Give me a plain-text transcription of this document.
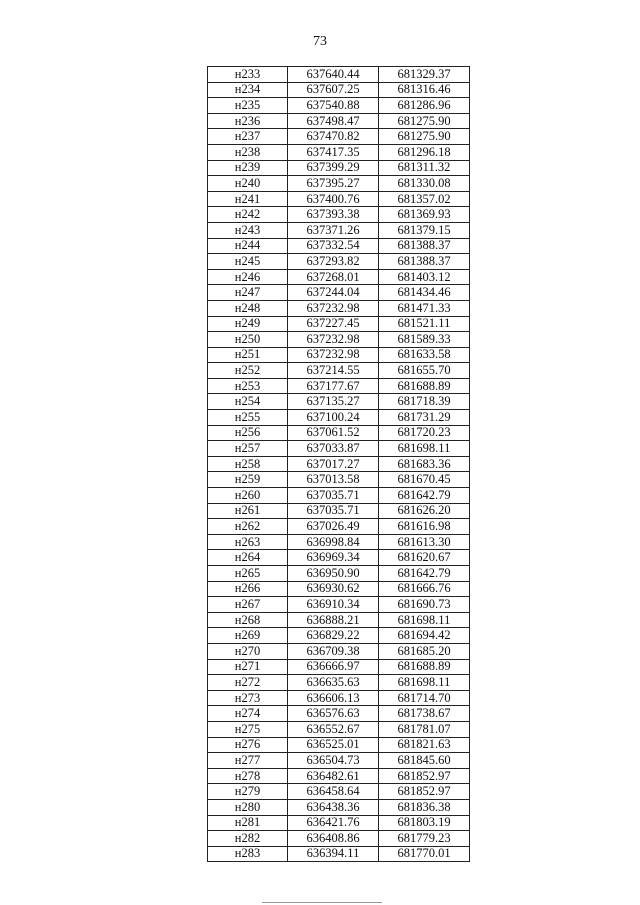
73
н233	637640.44	681329.37
н234	637607.25	681316.46
н235	637540.88	681286.96
н236	637498.47	681275.90
н237	637470.82	681275.90
н238	637417.35	681296.18
н239	637399.29	681311.32
н240	637395.27	681330.08
н241	637400.76	681357.02
н242	637393.38	681369.93
н243	637371.26	681379.15
н244	637332.54	681388.37
н245	637293.82	681388.37
н246	637268.01	681403.12
н247	637244.04	681434.46
н248	637232.98	681471.33
н249	637227.45	681521.11
н250	637232.98	681589.33
н251	637232.98	681633.58
н252	637214.55	681655.70
н253	637177.67	681688.89
н254	637135.27	681718.39
н255	637100.24	681731.29
н256	637061.52	681720.23
н257	637033.87	681698.11
н258	637017.27	681683.36
н259	637013.58	681670.45
н260	637035.71	681642.79
н261	637035.71	681626.20
н262	637026.49	681616.98
н263	636998.84	681613.30
н264	636969.34	681620.67
н265	636950.90	681642.79
н266	636930.62	681666.76
н267	636910.34	681690.73
н268	636888.21	681698.11
н269	636829.22	681694.42
н270	636709.38	681685.20
н271	636666.97	681688.89
н272	636635.63	681698.11
н273	636606.13	681714.70
н274	636576.63	681738.67
н275	636552.67	681781.07
н276	636525.01	681821.63
н277	636504.73	681845.60
н278	636482.61	681852.97
н279	636458.64	681852.97
н280	636438.36	681836.38
н281	636421.76	681803.19
н282	636408.86	681779.23
н283	636394.11	681770.01
